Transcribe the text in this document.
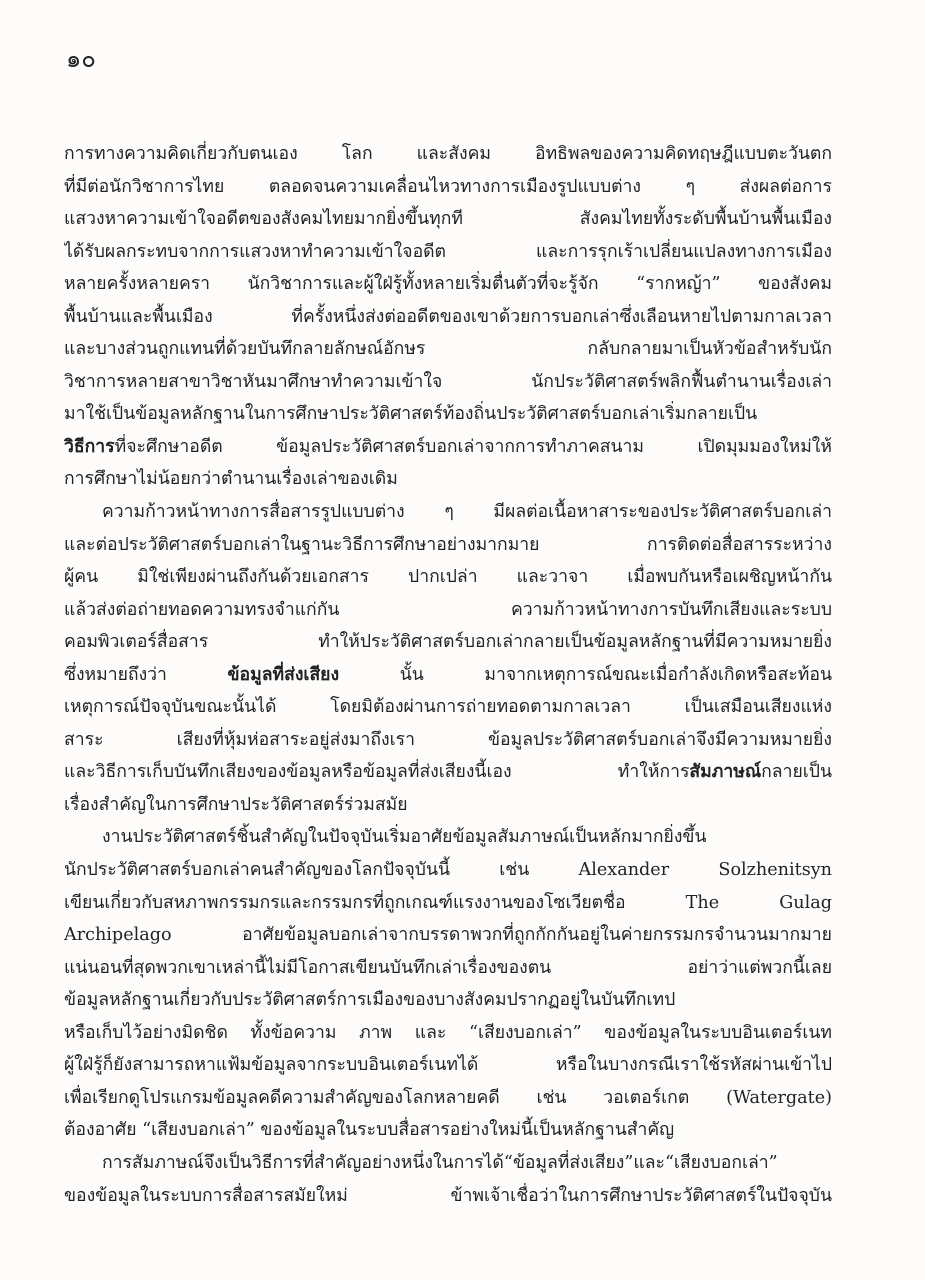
๑๐
การทางความคิดเกี่ยวกับตนเอง โลก และสังคม อิทธิพลของความคิดทฤษฎีแบบตะวันตก
ที่มีต่อนักวิชาการไทย ตลอดจนความเคลื่อนไหวทางการเมืองรูปแบบต่าง ๆ ส่งผลต่อการ
แสวงหาความเข้าใจอดีตของสังคมไทยมากยิ่งขึ้นทุกที สังคมไทยทั้งระดับพื้นบ้านพื้นเมือง
ได้รับผลกระทบจากการแสวงหาทำความเข้าใจอดีต และการรุกเร้าเปลี่ยนแปลงทางการเมือง
หลายครั้งหลายครา นักวิชาการและผู้ใฝ่รู้ทั้งหลายเริ่มตื่นตัวที่จะรู้จัก “รากหญ้า” ของสังคม
พื้นบ้านและพื้นเมือง ที่ครั้งหนึ่งส่งต่ออดีตของเขาด้วยการบอกเล่าซึ่งเลือนหายไปตามกาลเวลา
และบางส่วนถูกแทนที่ด้วยบันทึกลายลักษณ์อักษร กลับกลายมาเป็นหัวข้อสำหรับนัก
วิชาการหลายสาขาวิชาหันมาศึกษาทำความเข้าใจ นักประวัติศาสตร์พลิกฟื้นตำนานเรื่องเล่า
มาใช้เป็นข้อมูลหลักฐานในการศึกษาประวัติศาสตร์ท้องถิ่นประวัติศาสตร์บอกเล่าเริ่มกลายเป็น
วิธีการที่จะศึกษาอดีต ข้อมูลประวัติศาสตร์บอกเล่าจากการทำภาคสนาม เปิดมุมมองใหม่ให้
การศึกษาไม่น้อยกว่าตำนานเรื่องเล่าของเดิม
ความก้าวหน้าทางการสื่อสารรูปแบบต่าง ๆ มีผลต่อเนื้อหาสาระของประวัติศาสตร์บอกเล่า
และต่อประวัติศาสตร์บอกเล่าในฐานะวิธีการศึกษาอย่างมากมาย การติดต่อสื่อสารระหว่าง
ผู้คน มิใช่เพียงผ่านถึงกันด้วยเอกสาร ปากเปล่า และวาจา เมื่อพบกันหรือเผชิญหน้ากัน
แล้วส่งต่อถ่ายทอดความทรงจำแก่กัน ความก้าวหน้าทางการบันทึกเสียงและระบบ
คอมพิวเตอร์สื่อสาร ทำให้ประวัติศาสตร์บอกเล่ากลายเป็นข้อมูลหลักฐานที่มีความหมายยิ่ง
ซึ่งหมายถึงว่า ข้อมูลที่ส่งเสียง นั้น มาจากเหตุการณ์ขณะเมื่อกำลังเกิดหรือสะท้อน
เหตุการณ์ปัจจุบันขณะนั้นได้ โดยมิต้องผ่านการถ่ายทอดตามกาลเวลา เป็นเสมือนเสียงแห่ง
สาระ เสียงที่หุ้มห่อสาระอยู่ส่งมาถึงเรา ข้อมูลประวัติศาสตร์บอกเล่าจึงมีความหมายยิ่ง
และวิธีการเก็บบันทึกเสียงของข้อมูลหรือข้อมูลที่ส่งเสียงนี้เอง ทำให้การสัมภาษณ์กลายเป็น
เรื่องสำคัญในการศึกษาประวัติศาสตร์ร่วมสมัย
งานประวัติศาสตร์ชิ้นสำคัญในปัจจุบันเริ่มอาศัยข้อมูลสัมภาษณ์เป็นหลักมากยิ่งขึ้น
นักประวัติศาสตร์บอกเล่าคนสำคัญของโลกปัจจุบันนี้ เช่น Alexander Solzhenitsyn
เขียนเกี่ยวกับสหภาพกรรมกรและกรรมกรที่ถูกเกณฑ์แรงงานของโซเวียตชื่อ The Gulag
Archipelago อาศัยข้อมูลบอกเล่าจากบรรดาพวกที่ถูกกักกันอยู่ในค่ายกรรมกรจำนวนมากมาย
แน่นอนที่สุดพวกเขาเหล่านี้ไม่มีโอกาสเขียนบันทึกเล่าเรื่องของตน อย่าว่าแต่พวกนี้เลย
ข้อมูลหลักฐานเกี่ยวกับประวัติศาสตร์การเมืองของบางสังคมปรากฏอยู่ในบันทึกเทป
หรือเก็บไว้อย่างมิดชิด ทั้งข้อความ ภาพ และ “เสียงบอกเล่า” ของข้อมูลในระบบอินเตอร์เนท
ผู้ใฝ่รู้ก็ยังสามารถหาแฟ้มข้อมูลจากระบบอินเตอร์เนทได้ หรือในบางกรณีเราใช้รหัสผ่านเข้าไป
เพื่อเรียกดูโปรแกรมข้อมูลคดีความสำคัญของโลกหลายคดี เช่น วอเตอร์เกต (Watergate)
ต้องอาศัย “เสียงบอกเล่า” ของข้อมูลในระบบสื่อสารอย่างใหม่นี้เป็นหลักฐานสำคัญ
การสัมภาษณ์จึงเป็นวิธีการที่สำคัญอย่างหนึ่งในการได้“ข้อมูลที่ส่งเสียง”และ“เสียงบอกเล่า”
ของข้อมูลในระบบการสื่อสารสมัยใหม่ ข้าพเจ้าเชื่อว่าในการศึกษาประวัติศาสตร์ในปัจจุบัน
